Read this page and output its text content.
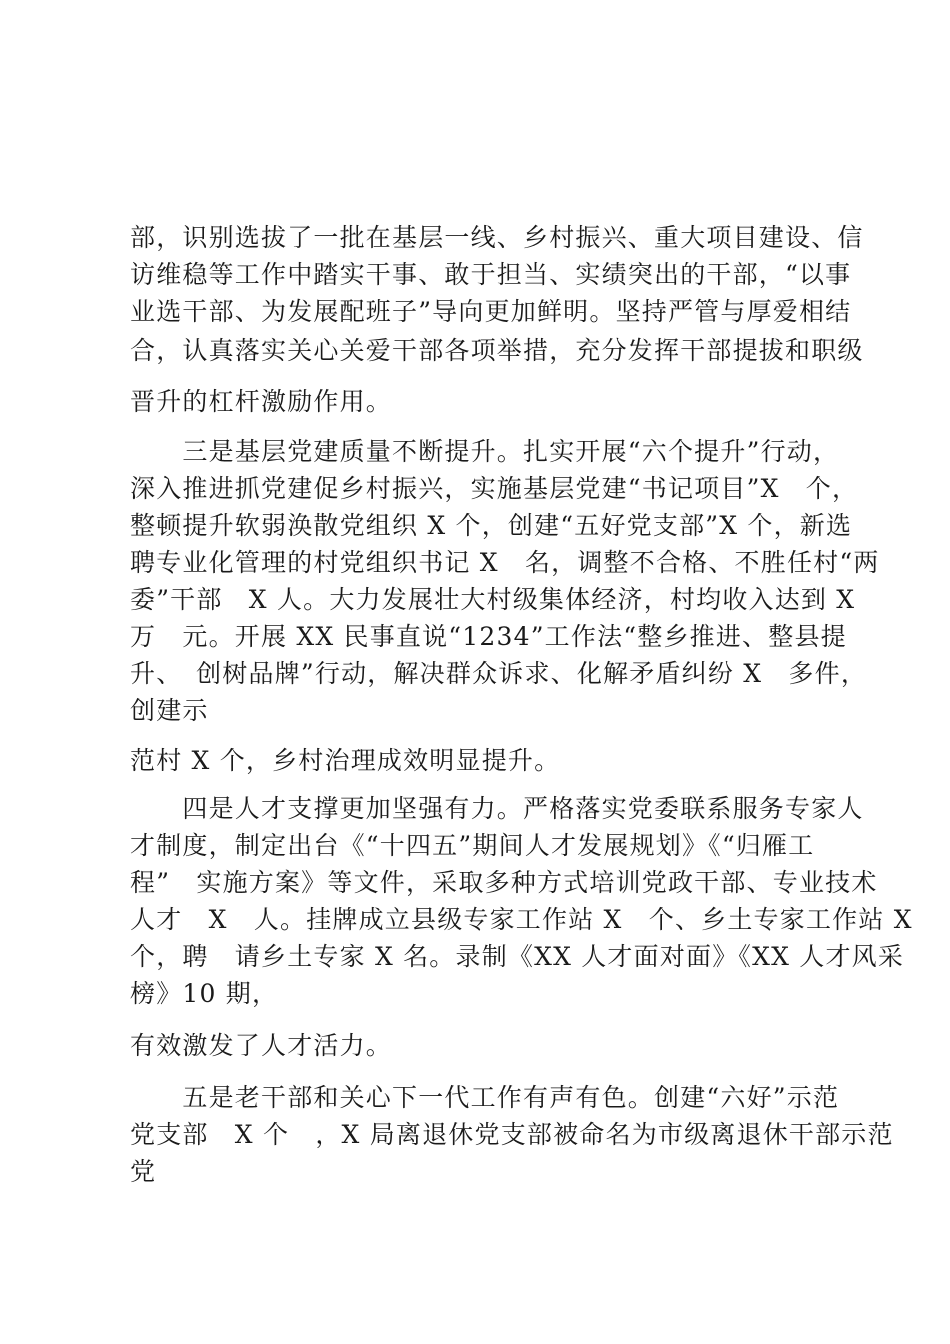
部，识别选拔了一批在基层一线、乡村振兴、重大项目建设、信
访维稳等工作中踏实干事、敢于担当、实绩突出的干部，“以事
业选干部、为发展配班子”导向更加鲜明。坚持严管与厚爱相结
合，认真落实关心关爱干部各项举措，充分发挥干部提拔和职级
晋升的杠杆激励作用。
　　三是基层党建质量不断提升。扎实开展“六个提升”行动，
深入推进抓党建促乡村振兴，实施基层党建“书记项目”X　个，
整顿提升软弱涣散党组织 X 个，创建“五好党支部”X 个，新选
聘专业化管理的村党组织书记 X　名，调整不合格、不胜任村“两
委”干部　X 人。大力发展壮大村级集体经济，村均收入达到 X
万　元。开展 XX 民事直说“1234”工作法“整乡推进、整县提
升、　创树品牌”行动，解决群众诉求、化解矛盾纠纷 X　多件，
创建示
范村 X 个，乡村治理成效明显提升。
　　四是人才支撑更加坚强有力。严格落实党委联系服务专家人
才制度，制定出台《“十四五”期间人才发展规划》《“归雁工
程”　实施方案》等文件，采取多种方式培训党政干部、专业技术
人才　X　人。挂牌成立县级专家工作站 X　个、乡土专家工作站 X
个，聘　请乡土专家 X 名。录制《XX 人才面对面》《XX 人才风采
榜》10 期，
有效激发了人才活力。
　　五是老干部和关心下一代工作有声有色。创建“六好”示范
党支部　X 个　，X 局离退休党支部被命名为市级离退休干部示范
党
